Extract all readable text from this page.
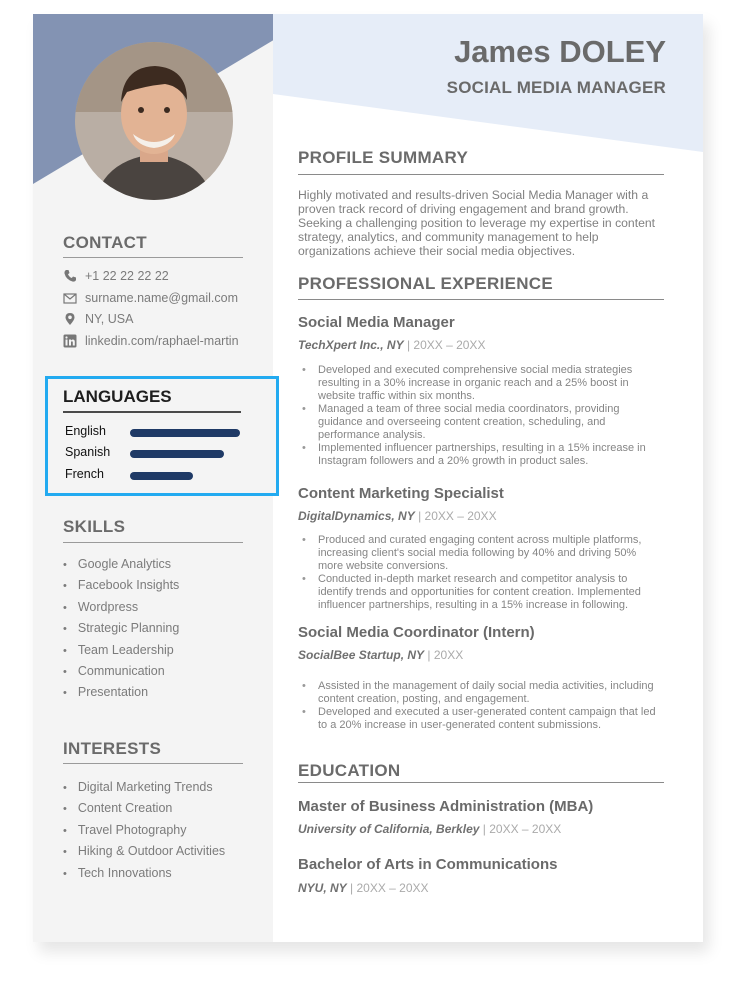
CONTACT
+1 22 22 22 22
surname.name@gmail.com
NY, USA
linkedin.com/raphael-martin
SKILLS
• Google Analytics
• Facebook Insights
• Wordpress
• Strategic Planning
• Team Leadership
• Communication
• Presentation
INTERESTS
• Digital Marketing Trends
• Content Creation
• Travel Photography
• Hiking & Outdoor Activities
• Tech Innovations
LANGUAGES
English
Spanish
French
James DOLEY
SOCIAL MEDIA MANAGER
PROFILE SUMMARY

Highly motivated and results-driven Social Media Manager with a proven track record of driving engagement and brand growth. Seeking a challenging position to leverage my expertise in content strategy, analytics, and community management to help organizations achieve their social media objectives.

PROFESSIONAL EXPERIENCE
Social Media Manager
TechXpert Inc., NY | 20XX – 20XX
• Developed and executed comprehensive social media strategies resulting in a 30% increase in organic reach and a 25% boost in website traffic within six months.
• Managed a team of three social media coordinators, providing guidance and overseeing content creation, scheduling, and performance analysis.
• Implemented influencer partnerships, resulting in a 15% increase in Instagram followers and a 20% growth in product sales.
Content Marketing Specialist
DigitalDynamics, NY | 20XX – 20XX
• Produced and curated engaging content across multiple platforms, increasing client's social media following by 40% and driving 50% more website conversions.
• Conducted in-depth market research and competitor analysis to identify trends and opportunities for content creation. Implemented influencer partnerships, resulting in a 15% increase in following.
Social Media Coordinator (Intern)
SocialBee Startup, NY | 20XX
• Assisted in the management of daily social media activities, including content creation, posting, and engagement.
• Developed and executed a user-generated content campaign that led to a 20% increase in user-generated content submissions.
EDUCATION
Master of Business Administration (MBA)
University of California, Berkley | 20XX – 20XX
Bachelor of Arts in Communications
NYU, NY | 20XX – 20XX
